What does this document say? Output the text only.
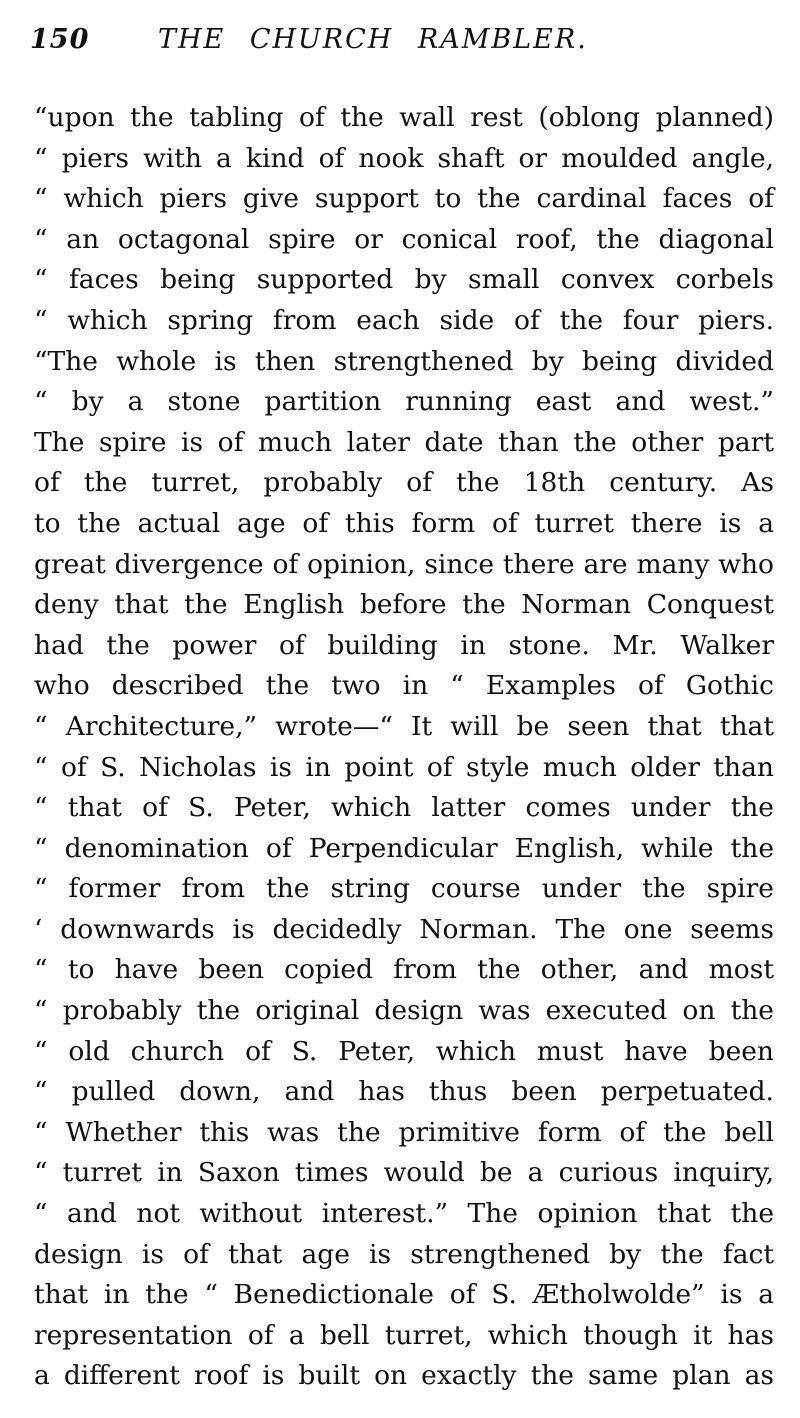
150	THE CHURCH RAMBLER.
“upon the tabling of the wall rest (oblong planned)
“ piers with a kind of nook shaft or moulded angle,
“ which piers give support to the cardinal faces of
“ an octagonal spire or conical roof, the diagonal
“ faces being supported by small convex corbels
“ which spring from each side of the four piers.
“The whole is then strengthened by being divided
“ by a stone partition running east and west.”
The spire is of much later date than the other part
of the turret, probably of the 18th century. As
to the actual age of this form of turret there is a
great divergence of opinion, since there are many who
deny that the English before the Norman Conquest
had the power of building in stone. Mr. Walker
who described the two in “ Examples of Gothic
“ Architecture,” wrote—“ It will be seen that that
“ of S. Nicholas is in point of style much older than
“ that of S. Peter, which latter comes under the
“ denomination of Perpendicular English, while the
“ former from the string course under the spire
‘ downwards is decidedly Norman. The one seems
“ to have been copied from the other, and most
“ probably the original design was executed on the
“ old church of S. Peter, which must have been
“ pulled down, and has thus been perpetuated.
“ Whether this was the primitive form of the bell
“ turret in Saxon times would be a curious inquiry,
“ and not without interest.” The opinion that the
design is of that age is strengthened by the fact
that in the “ Benedictionale of S. Ætholwolde” is a
representation of a bell turret, which though it has
a different roof is built on exactly the same plan as
